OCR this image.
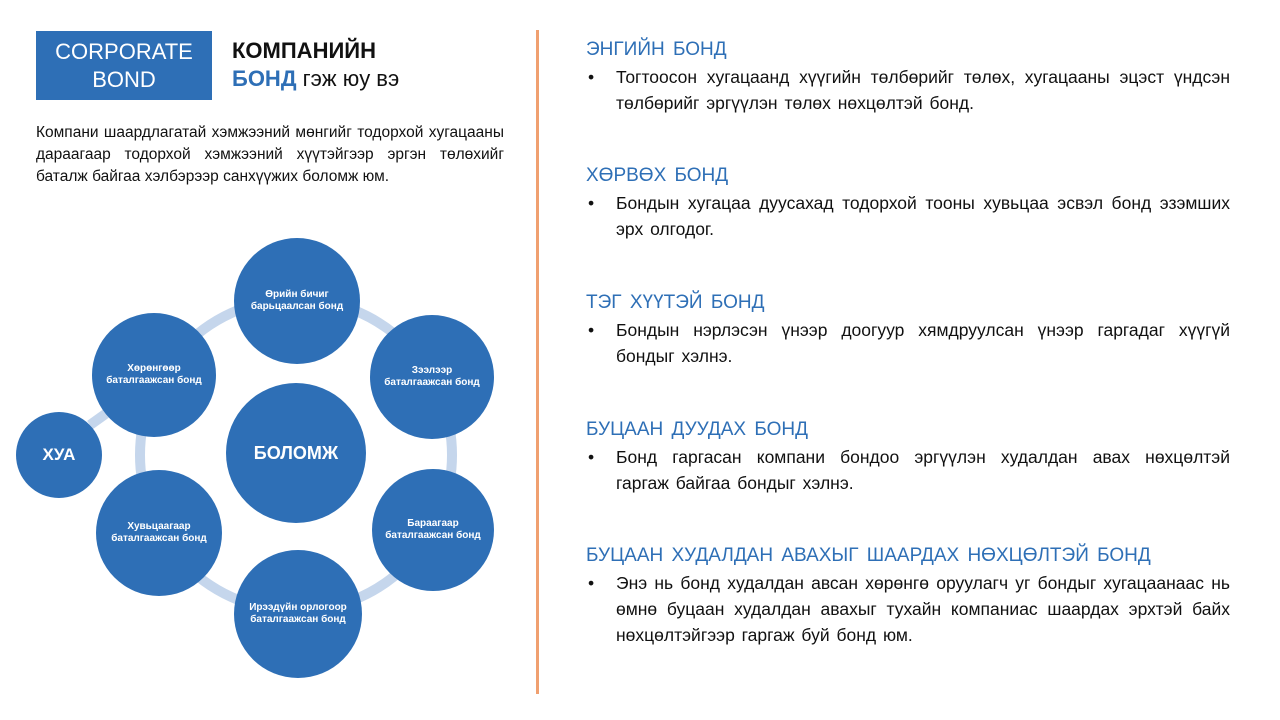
CORPORATE
BOND
КОМПАНИЙН
БОНД гэж юу вэ
Компани шаардлагатай хэмжээний мөнгийг тодорхой хугацааны дараагаар тодорхой хэмжээний хүүтэйгээр эргэн төлөхийг баталж байгаа хэлбэрээр санхүүжих боломж юм.
БОЛОМЖ
ХУА
Өрийн бичиг барьцаалсан бонд
Зээлээр баталгаажсан бонд
Бараагаар баталгаажсан бонд
Ирээдүйн орлогоор баталгаажсан бонд
Хувьцаагаар баталгаажсан бонд
Хөрөнгөөр баталгаажсан бонд
ЭНГИЙН БОНД
• Тогтоосон хугацаанд хүүгийн төлбөрийг төлөх, хугацааны эцэст үндсэн төлбөрийг эргүүлэн төлөх нөхцөлтэй бонд.
ХӨРВӨХ БОНД
• Бондын хугацаа дуусахад тодорхой тооны хувьцаа эсвэл бонд эзэмших эрх олгодог.
ТЭГ ХҮҮТЭЙ БОНД
• Бондын нэрлэсэн үнээр доогуур хямдруулсан үнээр гаргадаг хүүгүй бондыг хэлнэ.
БУЦААН ДУУДАХ БОНД
• Бонд гаргасан компани бондоо эргүүлэн худалдан авах нөхцөлтэй гаргаж байгаа бондыг хэлнэ.
БУЦААН ХУДАЛДАН АВАХЫГ ШААРДАХ НӨХЦӨЛТЭЙ БОНД
• Энэ нь бонд худалдан авсан хөрөнгө оруулагч уг бондыг хугацаанаас нь өмнө буцаан худалдан авахыг тухайн компаниас шаардах эрхтэй байх нөхцөлтэйгээр гаргаж буй бонд юм.
